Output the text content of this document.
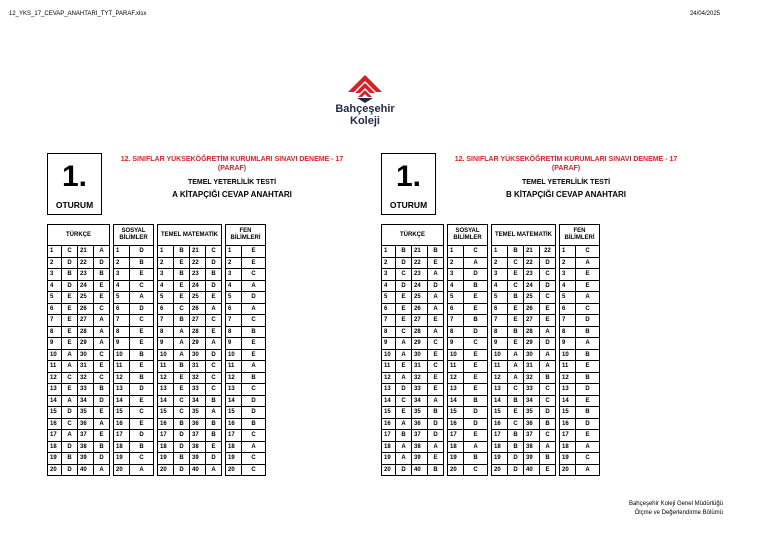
12_YKS_17_CEVAP_ANAHTARI_TYT_PARAF.xlsx	24/04/2025
Bahçeşehir
Koleji
1.
OTURUM
12. SINIFLAR YÜKSEKÖĞRETİM KURUMLARI SINAVI DENEME - 17
(PARAF)
TEMEL YETERLİLİK TESTİ
A KİTAPÇIĞI CEVAP ANAHTARI
1.
OTURUM
12. SINIFLAR YÜKSEKÖĞRETİM KURUMLARI SINAVI DENEME - 17
(PARAF)
TEMEL YETERLİLİK TESTİ
B KİTAPÇIĞI CEVAP ANAHTARI
TÜRKÇE					SOSYAL BİLİMLER			TEMEL MATEMATİK					FEN BİLİMLERİ	
1	C	21	A		1	D		1	B	21	C		1	E
2	D	22	D		2	B		2	E	22	D		2	E
3	B	23	B		3	E		3	B	23	B		3	C
4	D	24	E		4	C		4	E	24	D		4	A
5	E	25	E		5	A		5	E	25	E		5	D
6	E	26	C		6	D		6	C	26	A		6	A
7	E	27	A		7	C		7	B	27	C		7	C
8	E	28	A		8	E		8	A	28	E		8	B
9	E	29	A		9	E		9	A	29	A		9	E
10	A	30	C		10	B		10	A	30	D		10	E
11	A	31	E		11	E		11	B	31	C		11	A
12	C	32	C		12	B		12	E	32	C		12	B
13	E	33	B		13	D		13	E	33	C		13	C
14	A	34	D		14	E		14	C	34	B		14	D
15	D	35	E		15	C		15	C	35	A		15	D
16	C	36	A		16	E		16	B	36	B		16	B
17	A	37	E		17	D		17	D	37	B		17	C
18	D	38	B		18	B		18	D	38	E		18	A
19	B	39	D		19	C		19	B	39	D		19	C
20	D	40	A		20	A		20	D	40	A		20	C
TÜRKÇE					SOSYAL BİLİMLER			TEMEL MATEMATİK					FEN BİLİMLERİ	
1	B	21	B		1	C		1	B	21	22		1	C
2	D	22	E		2	A		2	C	22	D		2	A
3	C	23	A		3	D		3	E	23	C		3	E
4	D	24	D		4	B		4	C	24	D		4	E
5	E	25	A		5	E		5	B	25	C		5	A
6	E	26	A		6	E		6	E	26	E		6	C
7	E	27	E		7	B		7	E	27	E		7	D
8	C	28	A		8	D		8	B	28	A		8	B
9	A	29	C		9	C		9	E	29	D		9	A
10	A	30	E		10	E		10	A	30	A		10	B
11	E	31	C		11	E		11	A	31	A		11	E
12	A	32	E		12	E		12	A	32	B		12	B
13	D	33	E		13	E		13	C	33	C		13	D
14	C	34	A		14	B		14	B	34	C		14	E
15	E	35	B		15	D		15	E	35	D		15	B
16	A	36	D		16	D		16	C	36	B		16	D
17	B	37	D		17	E		17	B	37	C		17	E
18	A	38	A		18	A		18	B	38	A		18	A
19	A	39	E		19	B		19	D	39	B		19	C
20	D	40	B		20	C		20	D	40	E		20	A
Bahçeşehir Koleji Genel Müdürlüğü
Ölçme ve Değerlendirme Bölümü
